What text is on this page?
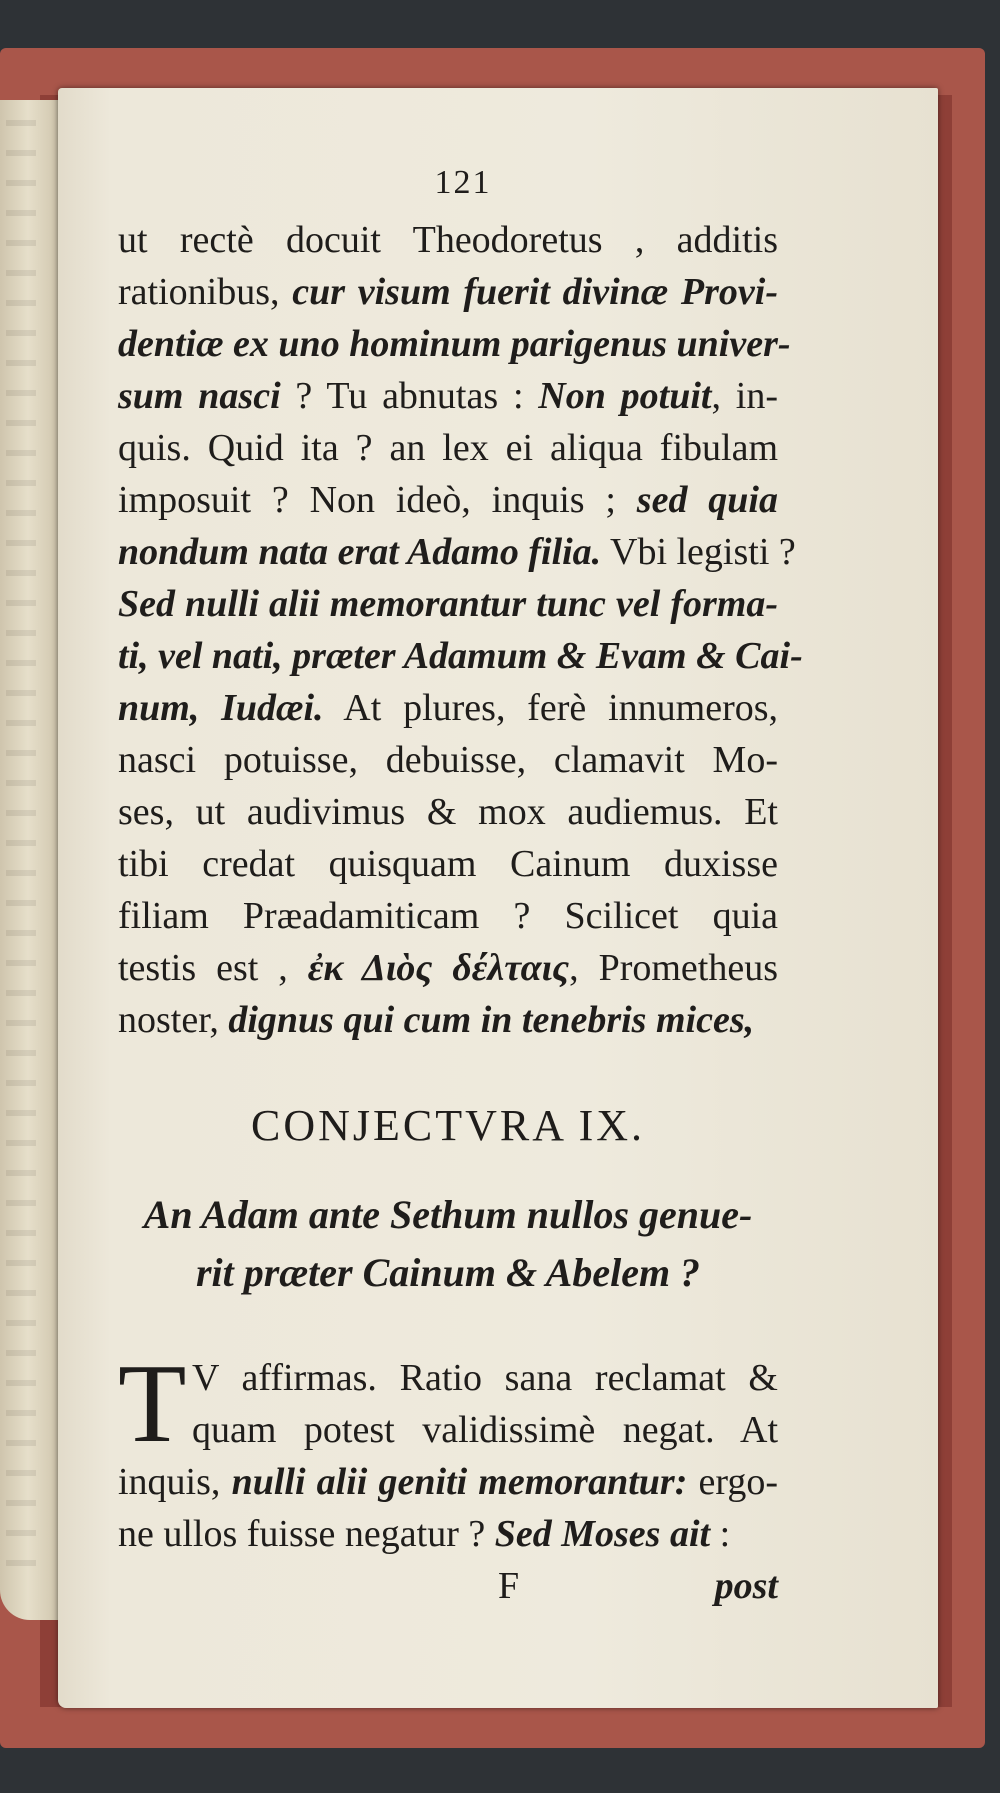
121
ut rectè docuit Theodoretus , additis
rationibus, cur visum fuerit divinæ Provi-
dentiæ ex uno hominum parigenus univer-
sum nasci ? Tu abnutas : Non potuit, in-
quis. Quid ita ? an lex ei aliqua fibulam
imposuit ? Non ideò, inquis ; sed quia
nondum nata erat Adamo filia. Vbi legisti ?
Sed nulli alii memorantur tunc vel forma-
ti, vel nati, præter Adamum & Evam & Cai-
num, Iudæi. At plures, ferè innumeros,
nasci potuisse, debuisse, clamavit Mo-
ses, ut audivimus & mox audiemus. Et
tibi credat quisquam Cainum duxisse
filiam Præadamiticam ? Scilicet quia
testis est , ἐκ Διὸς δέλταις, Prometheus
noster, dignus qui cum in tenebris mices,
CONJECTVRA IX.
An Adam ante Sethum nullos genue-
rit præter Cainum & Abelem ?
T V affirmas. Ratio sana reclamat &
quam potest validissimè negat. At
inquis, nulli alii geniti memorantur: ergo-
ne ullos fuisse negatur ? Sed Moses ait :
F	post
